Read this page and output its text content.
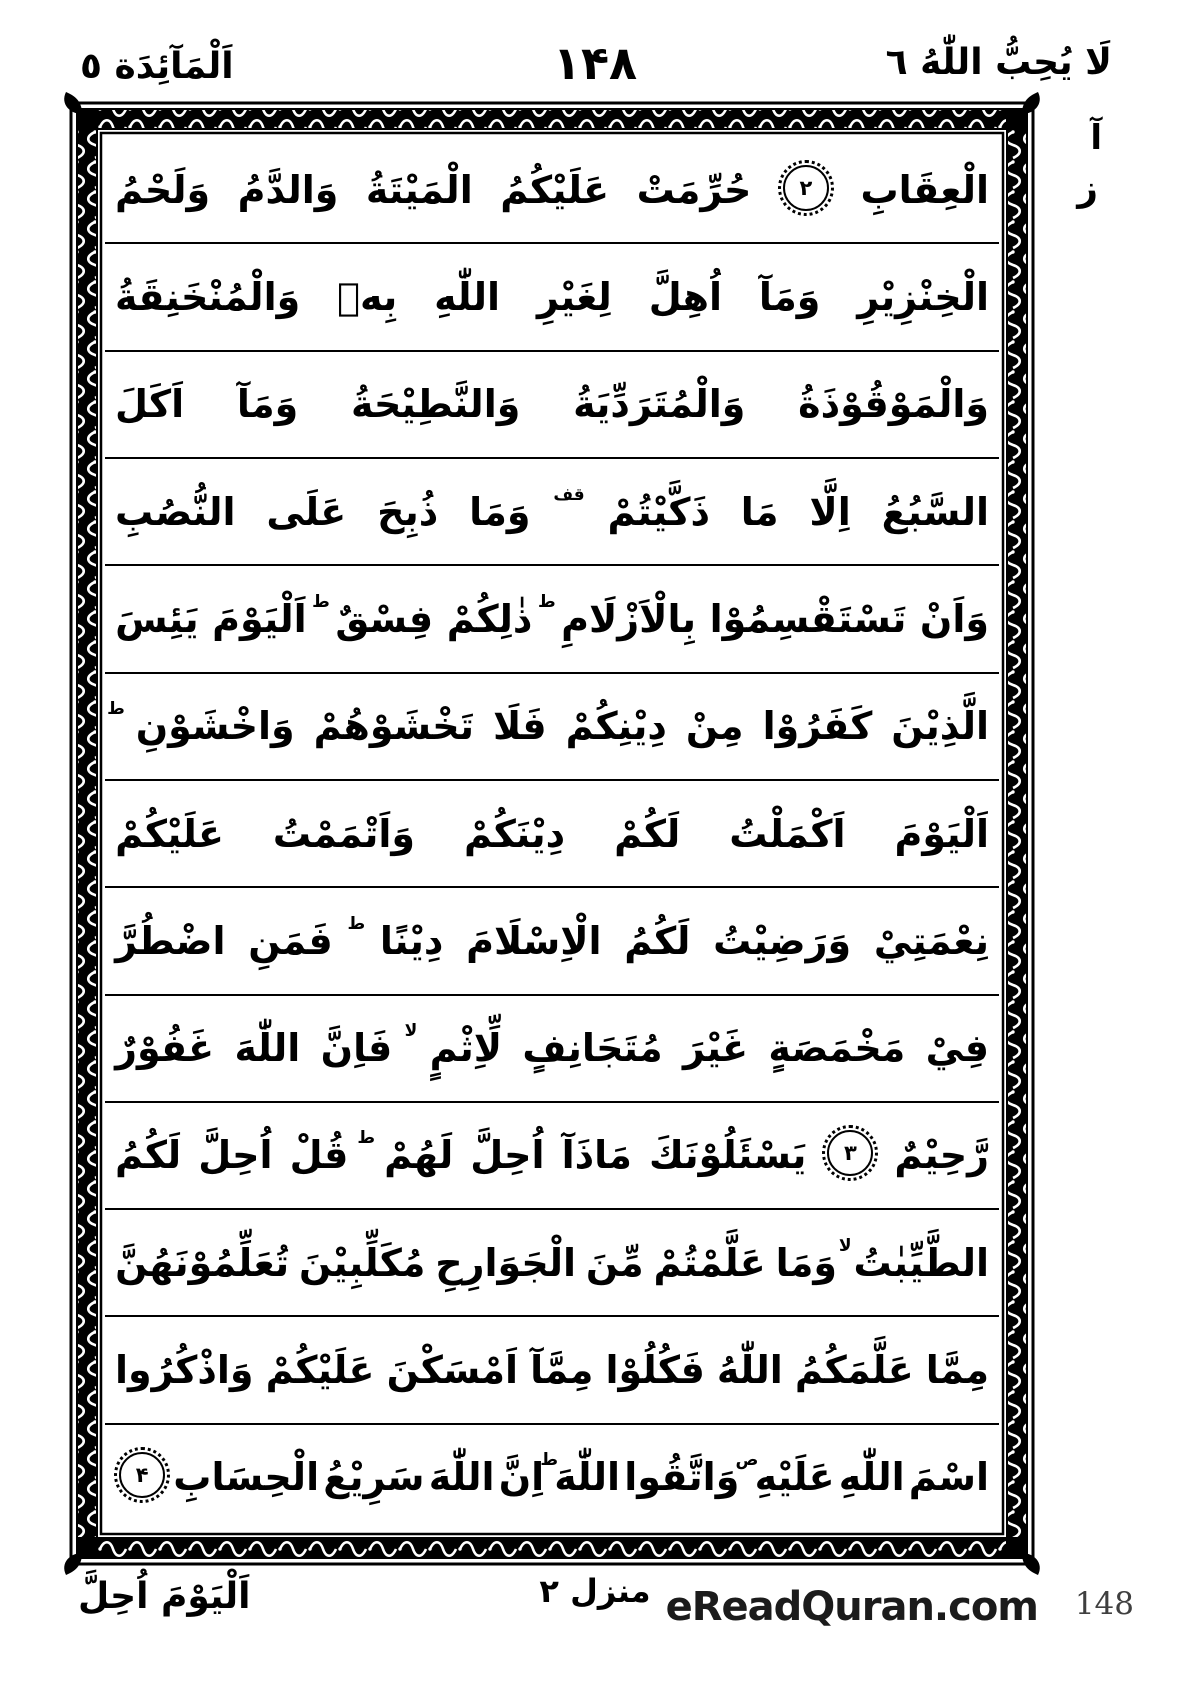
اَلْمَآئِدَة ٥	١۴٨	لَا يُحِبُّ اللّٰهُ ٦
آ
ز
الْعِقَابِ
٢
حُرِّمَتْ
عَلَيْكُمُ
الْمَيْتَةُ
وَالدَّمُ
وَلَحْمُ
الْخِنْزِيْرِ
وَمَآ
اُهِلَّ
لِغَيْرِ
اللّٰهِ
بِهٖ
وَالْمُنْخَنِقَةُ
وَالْمَوْقُوْذَةُ
وَالْمُتَرَدِّيَةُ
وَالنَّطِيْحَةُ
وَمَآ
اَكَلَ
السَّبُعُ
اِلَّا
مَا
ذَكَّيْتُمْ
قف
وَمَا
ذُبِحَ
عَلَى
النُّصُبِ
وَاَنْ
تَسْتَقْسِمُوْا
بِالْاَزْلَامِ
ط
ذٰلِكُمْ
فِسْقٌ
ط
اَلْيَوْمَ
يَئِسَ
الَّذِيْنَ
كَفَرُوْا
مِنْ
دِيْنِكُمْ
فَلَا
تَخْشَوْهُمْ
وَاخْشَوْنِ
ط
اَلْيَوْمَ
اَكْمَلْتُ
لَكُمْ
دِيْنَكُمْ
وَاَتْمَمْتُ
عَلَيْكُمْ
نِعْمَتِيْ
وَرَضِيْتُ
لَكُمُ
الْاِسْلَامَ
دِيْنًا
ط
فَمَنِ
اضْطُرَّ
فِيْ
مَخْمَصَةٍ
غَيْرَ
مُتَجَانِفٍ
لِّاِثْمٍ
لا
فَاِنَّ
اللّٰهَ
غَفُوْرٌ
رَّحِيْمٌ
٣
يَسْئَلُوْنَكَ
مَاذَآ
اُحِلَّ
لَهُمْ
ط
قُلْ
اُحِلَّ
لَكُمُ
الطَّيِّبٰتُ
لا
وَمَا
عَلَّمْتُمْ
مِّنَ
الْجَوَارِحِ
مُكَلِّبِيْنَ
تُعَلِّمُوْنَهُنَّ
مِمَّا
عَلَّمَكُمُ
اللّٰهُ
فَكُلُوْا
مِمَّآ
اَمْسَكْنَ
عَلَيْكُمْ
وَاذْكُرُوا
اسْمَ
اللّٰهِ
عَلَيْهِ
ص
وَاتَّقُوا
اللّٰهَ
ط
اِنَّ
اللّٰهَ
سَرِيْعُ
الْحِسَابِ
۴
اَلْيَوْمَ اُحِلَّ	منزل ٢ eReadQuran.com 148
